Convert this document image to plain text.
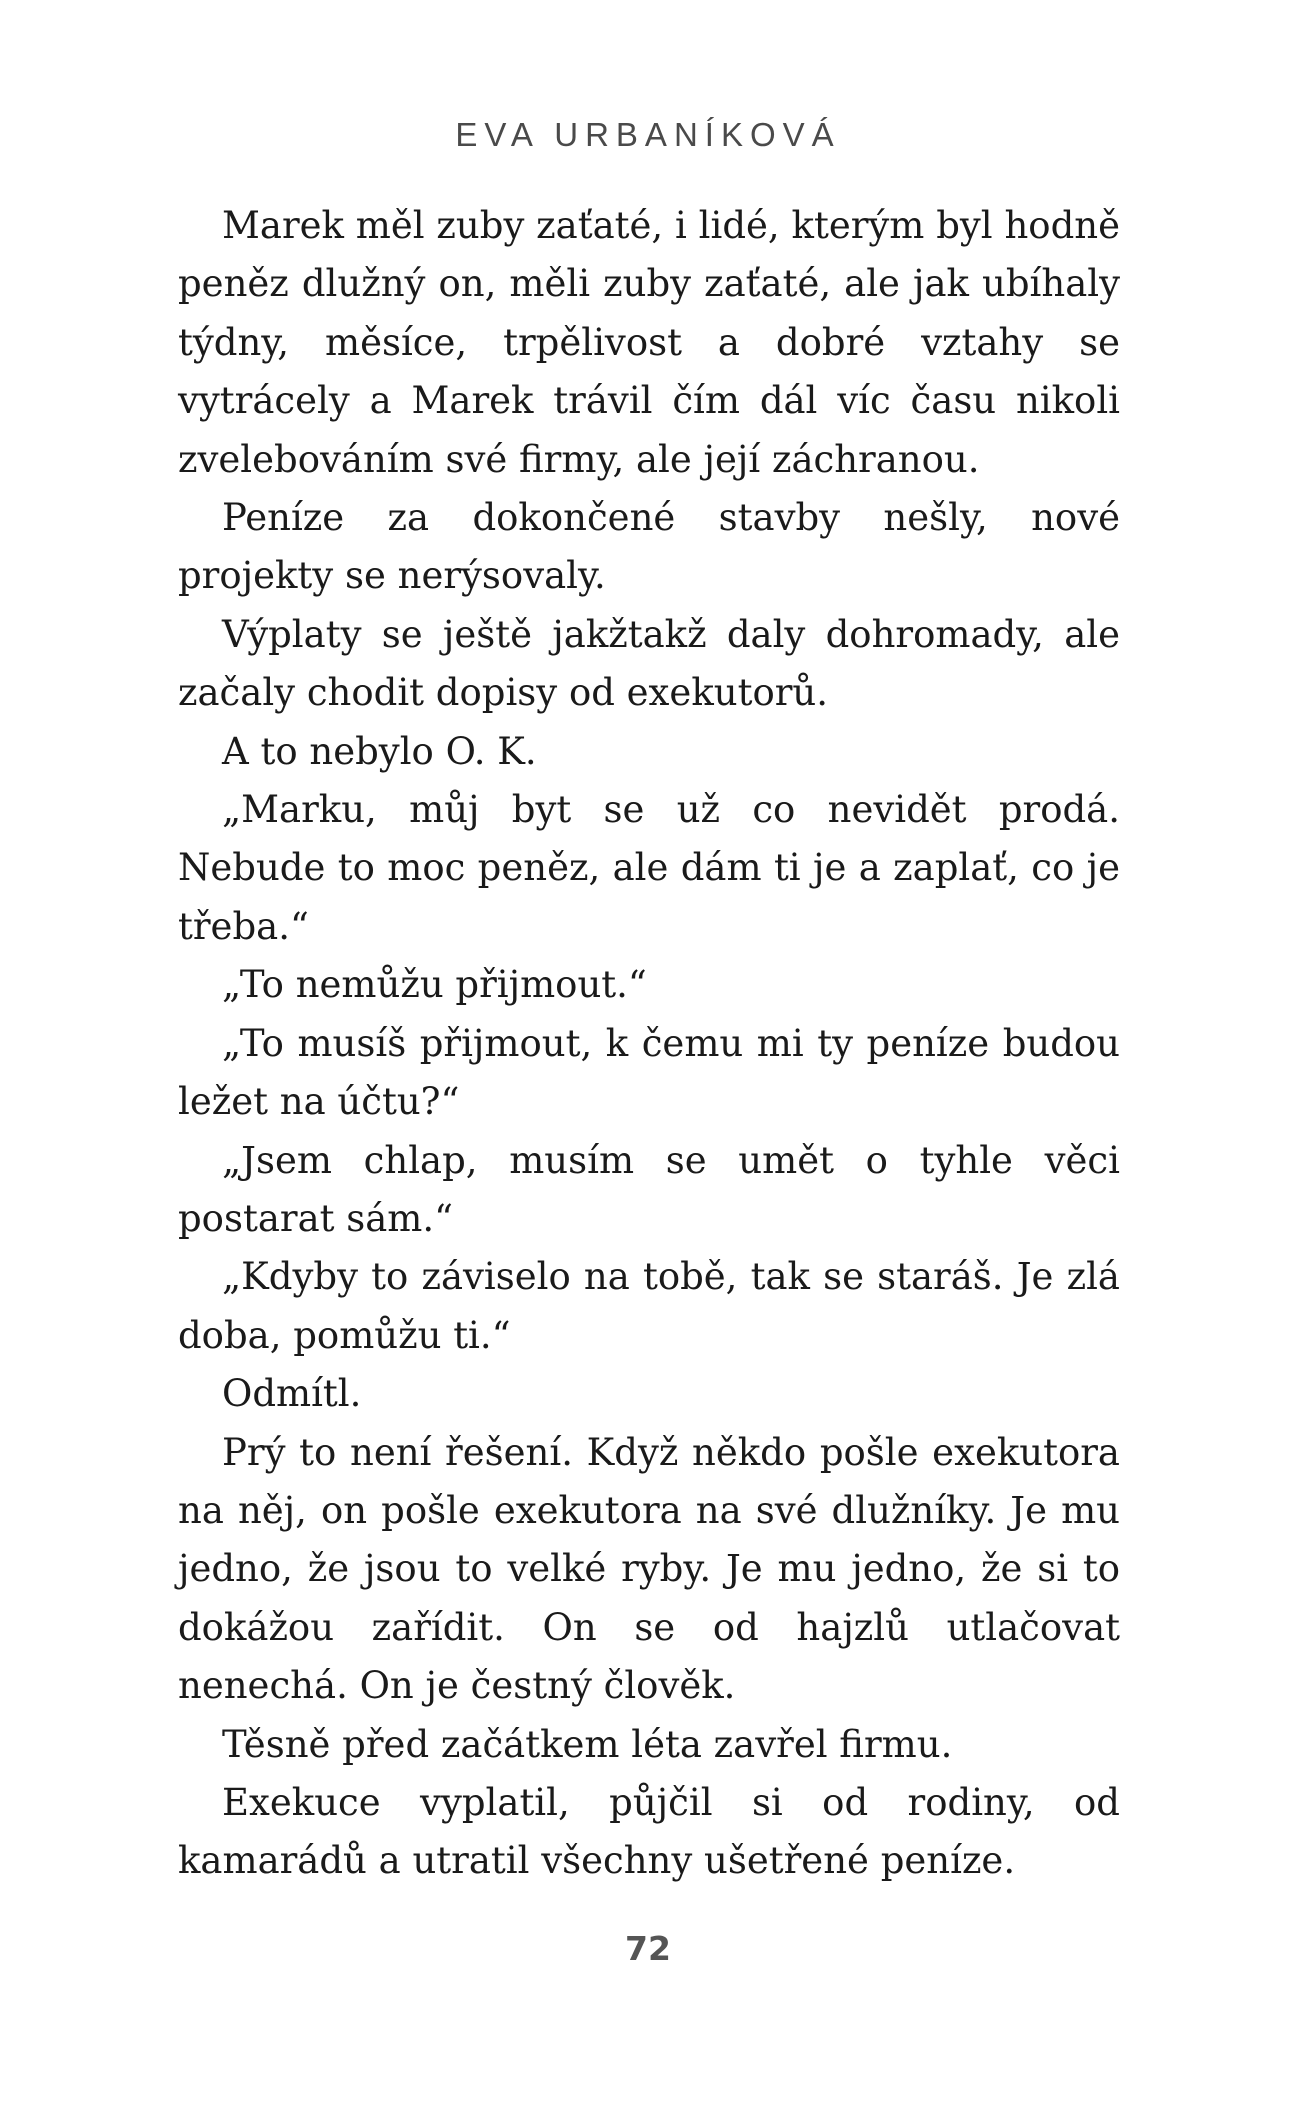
EVA URBANÍKOVÁ

Marek měl zuby zaťaté, i lidé, kterým byl hodně peněz dlužný on, měli zuby zaťaté, ale jak ubíhaly týdny, měsíce, trpělivost a dobré vztahy se vytrácely a Marek trávil čím dál víc času nikoli zvelebováním své firmy, ale její záchranou.

Peníze za dokončené stavby nešly, nové projekty se nerýsovaly.

Výplaty se ještě jakžtakž daly dohromady, ale začaly chodit dopisy od exekutorů.

A to nebylo O. K.

„Marku, můj byt se už co nevidět prodá. Nebude to moc peněz, ale dám ti je a zaplať, co je třeba.“

„To nemůžu přijmout.“

„To musíš přijmout, k čemu mi ty peníze budou ležet na účtu?“

„Jsem chlap, musím se umět o tyhle věci postarat sám.“

„Kdyby to záviselo na tobě, tak se staráš. Je zlá doba, pomůžu ti.“

Odmítl.

Prý to není řešení. Když někdo pošle exekutora na něj, on pošle exekutora na své dlužníky. Je mu jedno, že jsou to velké ryby. Je mu jedno, že si to dokážou zařídit. On se od hajzlů utlačovat nenechá. On je čestný člověk.

Těsně před začátkem léta zavřel firmu.

Exekuce vyplatil, půjčil si od rodiny, od kamarádů a utratil všechny ušetřené peníze.

72
